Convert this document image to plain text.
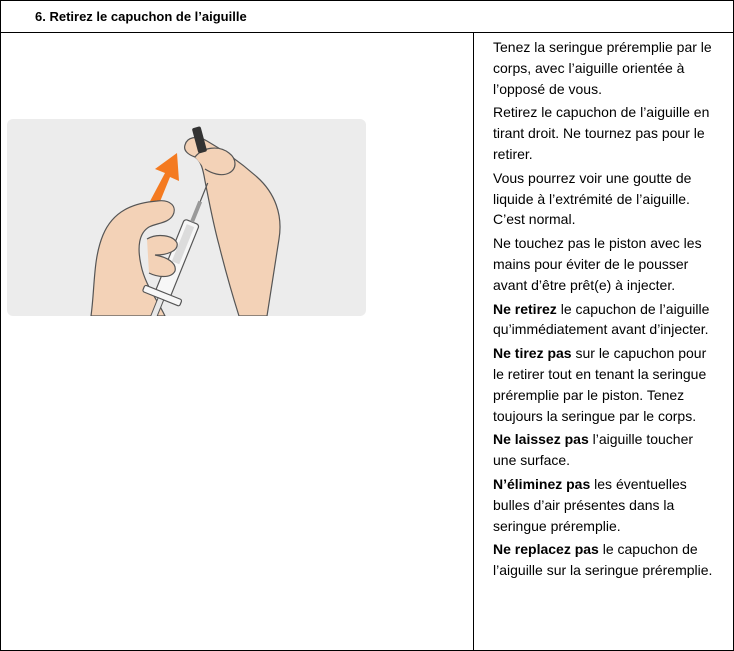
6. Retirez le capuchon de l’aiguille

Tenez la seringue préremplie par le corps, avec l’aiguille orientée à l’opposé de vous.

Retirez le capuchon de l’aiguille en tirant droit. Ne tournez pas pour le retirer.

Vous pourrez voir une goutte de liquide à l’extrémité de l’aiguille. C’est normal.

Ne touchez pas le piston avec les mains pour éviter de le pousser avant d’être prêt(e) à injecter.

Ne retirez le capuchon de l’aiguille qu’immédiatement avant d’injecter.

Ne tirez pas sur le capuchon pour le retirer tout en tenant la seringue préremplie par le piston. Tenez toujours la seringue par le corps.

Ne laissez pas l’aiguille toucher une surface.

N’éliminez pas les éventuelles bulles d’air présentes dans la seringue préremplie.

Ne replacez pas le capuchon de l’aiguille sur la seringue préremplie.
